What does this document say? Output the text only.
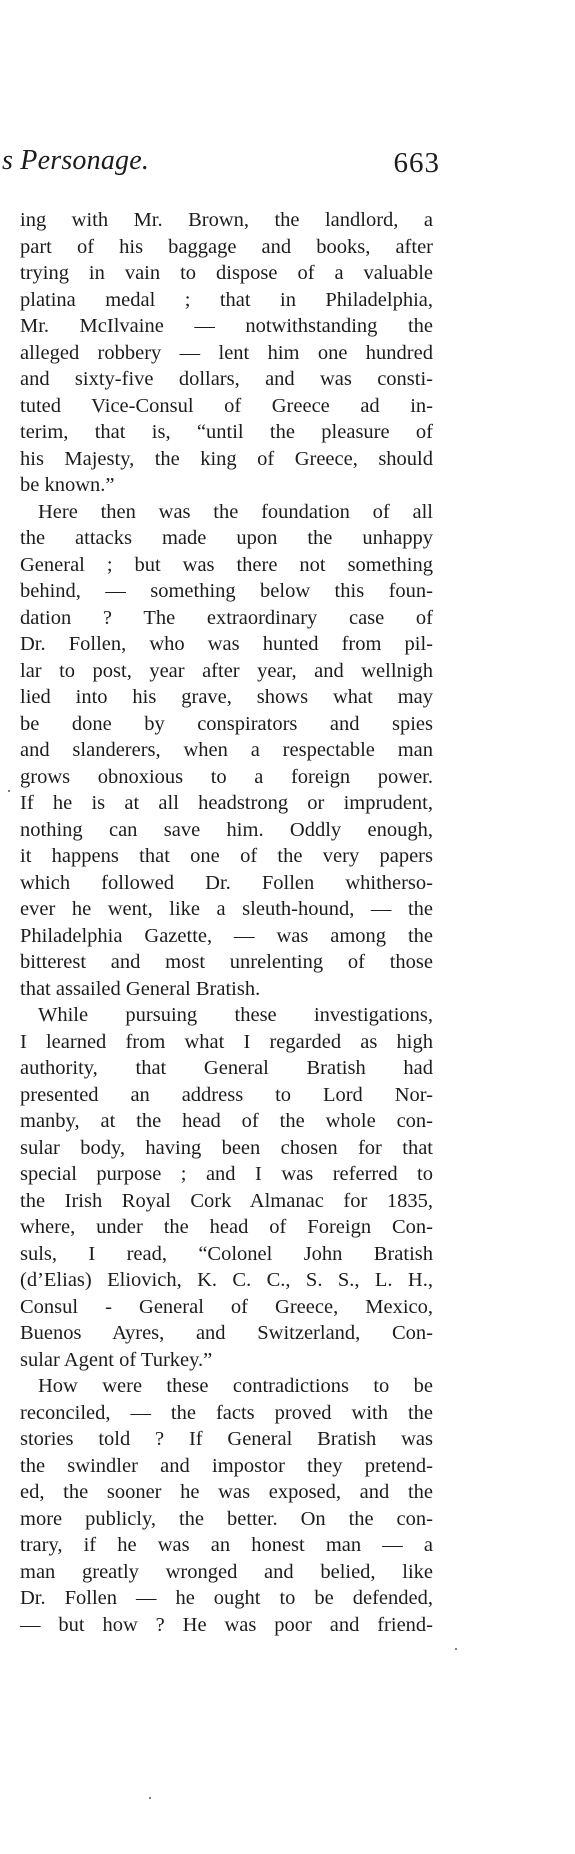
s Personage.	663
ing with Mr. Brown, the landlord, a
part of his baggage and books, after
trying in vain to dispose of a valuable
platina medal ; that in Philadelphia,
Mr. McIlvaine — notwithstanding the
alleged robbery — lent him one hundred
and sixty-five dollars, and was consti-
tuted Vice-Consul of Greece ad in-
terim, that is, “until the pleasure of
his Majesty, the king of Greece, should
be known.”
Here then was the foundation of all
the attacks made upon the unhappy
General ; but was there not something
behind, — something below this foun-
dation ? The extraordinary case of
Dr. Follen, who was hunted from pil-
lar to post, year after year, and wellnigh
lied into his grave, shows what may
be done by conspirators and spies
and slanderers, when a respectable man
grows obnoxious to a foreign power.
If he is at all headstrong or imprudent,
nothing can save him. Oddly enough,
it happens that one of the very papers
which followed Dr. Follen whitherso-
ever he went, like a sleuth-hound, — the
Philadelphia Gazette, — was among the
bitterest and most unrelenting of those
that assailed General Bratish.
While pursuing these investigations,
I learned from what I regarded as high
authority, that General Bratish had
presented an address to Lord Nor-
manby, at the head of the whole con-
sular body, having been chosen for that
special purpose ; and I was referred to
the Irish Royal Cork Almanac for 1835,
where, under the head of Foreign Con-
suls, I read, “Colonel John Bratish
(d’Elias) Eliovich, K. C. C., S. S., L. H.,
Consul - General of Greece, Mexico,
Buenos Ayres, and Switzerland, Con-
sular Agent of Turkey.”
How were these contradictions to be
reconciled, — the facts proved with the
stories told ? If General Bratish was
the swindler and impostor they pretend-
ed, the sooner he was exposed, and the
more publicly, the better. On the con-
trary, if he was an honest man — a
man greatly wronged and belied, like
Dr. Follen — he ought to be defended,
— but how ? He was poor and friend-
